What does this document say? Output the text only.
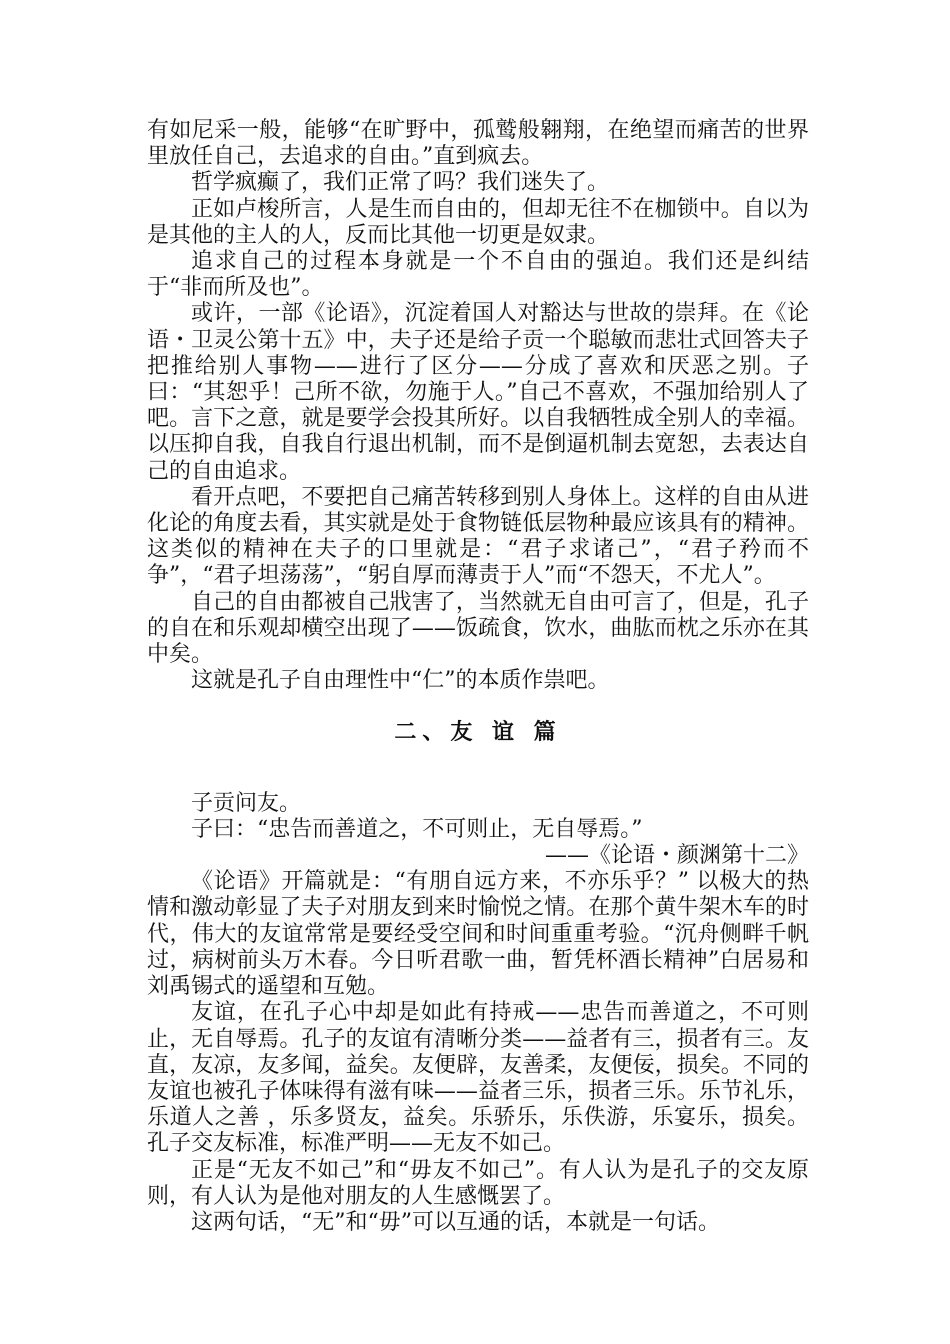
有如尼采一般，能够“在旷野中，孤鹫般翱翔，在绝望而痛苦的世界里放任自己，去追求的自由。”直到疯去。

哲学疯癫了，我们正常了吗？我们迷失了。

正如卢梭所言，人是生而自由的，但却无往不在枷锁中。自以为是其他的主人的人，反而比其他一切更是奴隶。

追求自己的过程本身就是一个不自由的强迫。我们还是纠结于“非而所及也”。

或许，一部《论语》，沉淀着国人对豁达与世故的崇拜。在《论语・卫灵公第十五》中，夫子还是给子贡一个聪敏而悲壮式回答夫子把推给别人事物——进行了区分——分成了喜欢和厌恶之别。子曰：“其恕乎！己所不欲，勿施于人。”自己不喜欢，不强加给别人了吧。言下之意，就是要学会投其所好。以自我牺牲成全别人的幸福。以压抑自我，自我自行退出机制，而不是倒逼机制去宽恕，去表达自己的自由追求。

看开点吧，不要把自己痛苦转移到别人身体上。这样的自由从进化论的角度去看，其实就是处于食物链低层物种最应该具有的精神。这类似的精神在夫子的口里就是：“君子求诸己”，“君子矜而不争”，“君子坦荡荡”，“躬自厚而薄责于人”而“不怨天，不尤人”。

自己的自由都被自己戕害了，当然就无自由可言了，但是，孔子的自在和乐观却横空出现了——饭疏食，饮水，曲肱而枕之乐亦在其中矣。

这就是孔子自由理性中“仁”的本质作祟吧。

二、友 谊 篇

子贡问友。

子曰：“忠告而善道之，不可则止，无自辱焉。”

——《论语・颜渊第十二》

《论语》开篇就是：“有朋自远方来，不亦乐乎？” 以极大的热情和激动彰显了夫子对朋友到来时愉悦之情。在那个黄牛架木车的时代，伟大的友谊常常是要经受空间和时间重重考验。“沉舟侧畔千帆过，病树前头万木春。今日听君歌一曲，暂凭杯酒长精神”白居易和刘禹锡式的遥望和互勉。

友谊，在孔子心中却是如此有持戒——忠告而善道之，不可则止，无自辱焉。孔子的友谊有清晰分类——益者有三，损者有三。友直，友凉，友多闻，益矣。友便辟，友善柔，友便佞，损矣。不同的友谊也被孔子体味得有滋有味——益者三乐，损者三乐。乐节礼乐，乐道人之善 ，乐多贤友，益矣。乐骄乐，乐佚游，乐宴乐，损矣。孔子交友标准，标准严明——无友不如己。

正是“无友不如己”和“毋友不如己”。有人认为是孔子的交友原则，有人认为是他对朋友的人生感慨罢了。

这两句话，“无”和“毋”可以互通的话，本就是一句话。
